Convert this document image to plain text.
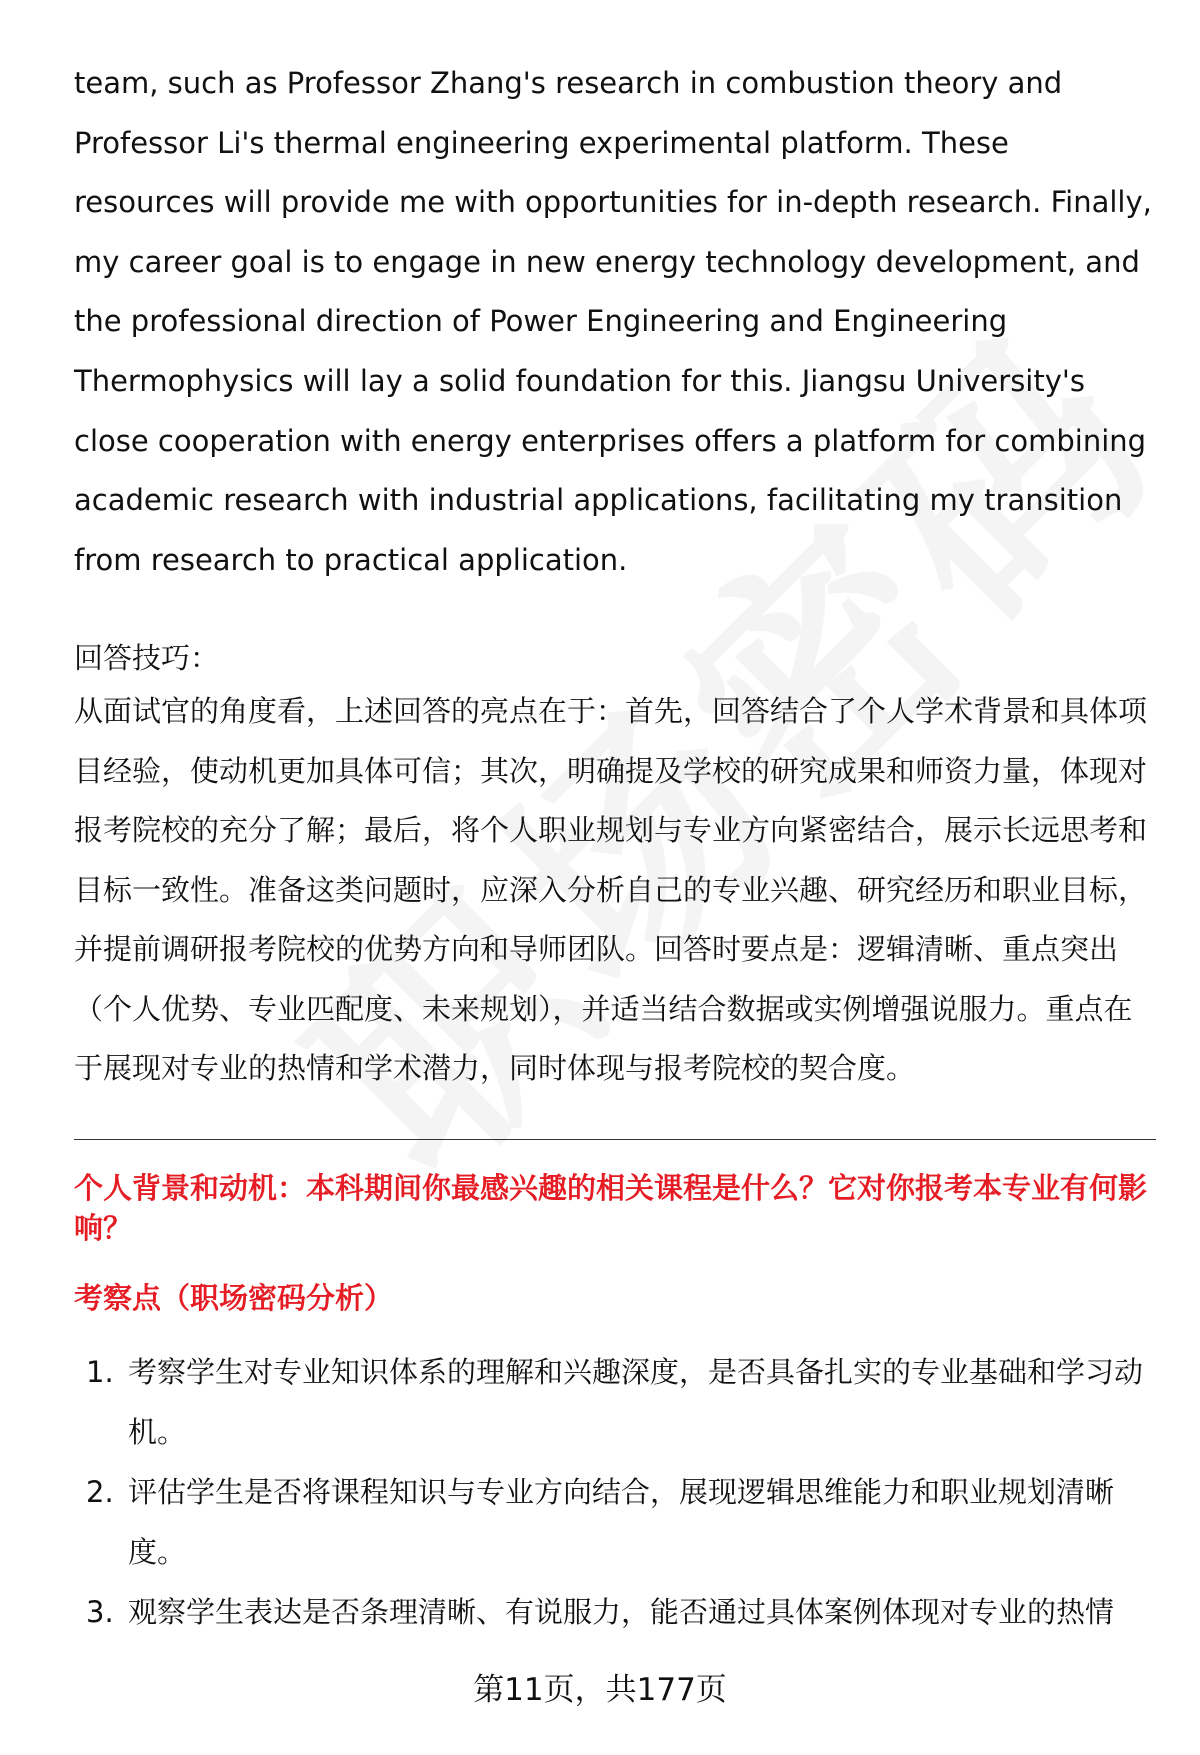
team, such as Professor Zhang's research in combustion theory and Professor Li's thermal engineering experimental platform. These resources will provide me with opportunities for in-depth research. Finally, my career goal is to engage in new energy technology development, and the professional direction of Power Engineering and Engineering Thermophysics will lay a solid foundation for this. Jiangsu University's close cooperation with energy enterprises offers a platform for combining academic research with industrial applications, facilitating my transition from research to practical application.

回答技巧：

从面试官的角度看，上述回答的亮点在于：首先，回答结合了个人学术背景和具体项目经验，使动机更加具体可信；其次，明确提及学校的研究成果和师资力量，体现对报考院校的充分了解；最后，将个人职业规划与专业方向紧密结合，展示长远思考和目标一致性。准备这类问题时，应深入分析自己的专业兴趣、研究经历和职业目标，并提前调研报考院校的优势方向和导师团队。回答时要点是：逻辑清晰、重点突出（个人优势、专业匹配度、未来规划），并适当结合数据或实例增强说服力。重点在于展现对专业的热情和学术潜力，同时体现与报考院校的契合度。

个人背景和动机：本科期间你最感兴趣的相关课程是什么？它对你报考本专业有何影响？
考察点（职场密码分析）
1. 考察学生对专业知识体系的理解和兴趣深度，是否具备扎实的专业基础和学习动机。
2. 评估学生是否将课程知识与专业方向结合，展现逻辑思维能力和职业规划清晰度。
3. 观察学生表达是否条理清晰、有说服力，能否通过具体案例体现对专业的热情
第11页，共177页
